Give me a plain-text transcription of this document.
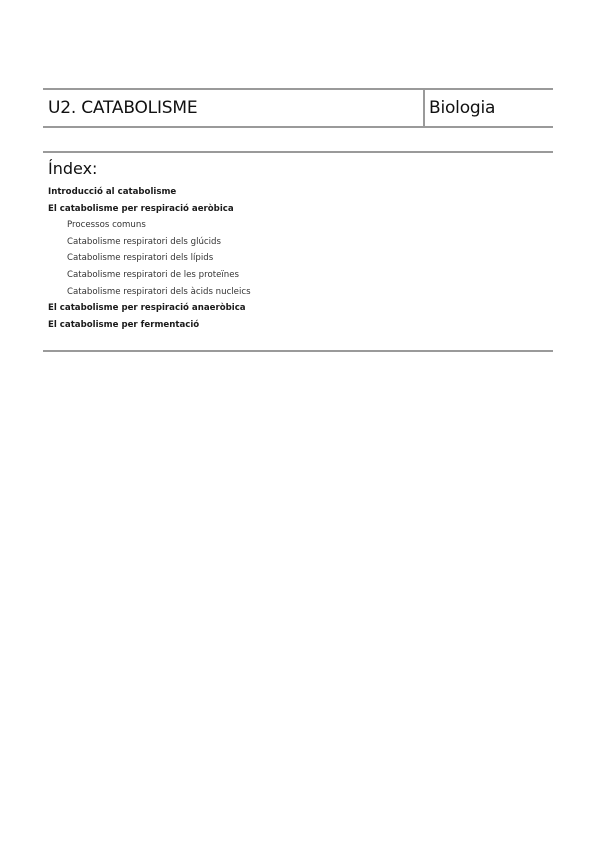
U2. CATABOLISME	Biologia
Índex:
Introducció al catabolisme
El catabolisme per respiració aeròbica
Processos comuns
Catabolisme respiratori dels glúcids
Catabolisme respiratori dels lípids
Catabolisme respiratori de les proteïnes
Catabolisme respiratori dels àcids nucleics
El catabolisme per respiració anaeròbica
El catabolisme per fermentació
